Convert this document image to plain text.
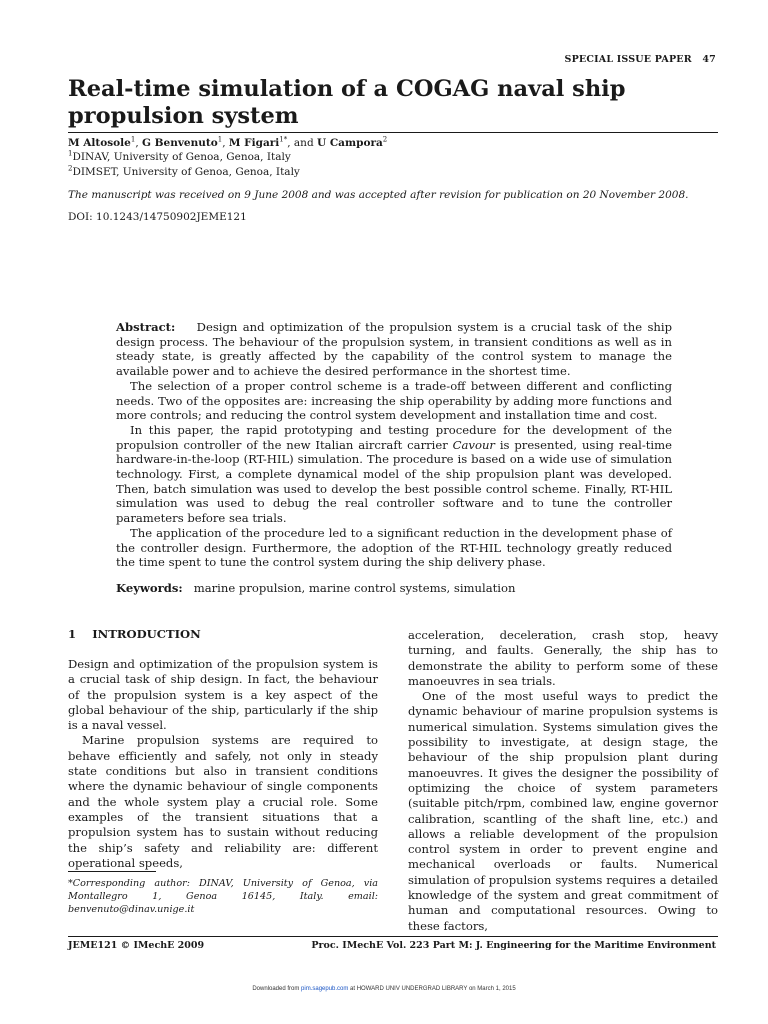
SPECIAL ISSUE PAPER 47
Real-time simulation of a COGAG naval ship propulsion system
M Altosole$^1$, G Benvenuto$^1$, M Figari$^{1*}$, and U Campora$^2$
$^1$DINAV, University of Genoa, Genoa, Italy
$^2$DIMSET, University of Genoa, Genoa, Italy
The manuscript was received on 9 June 2008 and was accepted after revision for publication on 20 November 2008.
DOI: 10.1243/14750902JEME121

Abstract: Design and optimization of the propulsion system is a crucial task of the ship design process. The behaviour of the propulsion system, in transient conditions as well as in steady state, is greatly affected by the capability of the control system to manage the available power and to achieve the desired performance in the shortest time.

The selection of a proper control scheme is a trade-off between different and conflicting needs. Two of the opposites are: increasing the ship operability by adding more functions and more controls; and reducing the control system development and installation time and cost.

In this paper, the rapid prototyping and testing procedure for the development of the propulsion controller of the new Italian aircraft carrier Cavour is presented, using real-time hardware-in-the-loop (RT-HIL) simulation. The procedure is based on a wide use of simulation technology. First, a complete dynamical model of the ship propulsion plant was developed. Then, batch simulation was used to develop the best possible control scheme. Finally, RT-HIL simulation was used to debug the real controller software and to tune the controller parameters before sea trials.

The application of the procedure led to a significant reduction in the development phase of the controller design. Furthermore, the adoption of the RT-HIL technology greatly reduced the time spent to tune the control system during the ship delivery phase.

Keywords: marine propulsion, marine control systems, simulation
1 INTRODUCTION

Design and optimization of the propulsion system is a crucial task of ship design. In fact, the behaviour of the propulsion system is a key aspect of the global behaviour of the ship, particularly if the ship is a naval vessel.

Marine propulsion systems are required to behave efficiently and safely, not only in steady state conditions but also in transient conditions where the dynamic behaviour of single components and the whole system play a crucial role. Some examples of the transient situations that a propulsion system has to sustain without reducing the ship’s safety and reliability are: different operational speeds,

*Corresponding author: DINAV, University of Genoa, via Montallegro 1, Genoa 16145, Italy. email: benvenuto@dinav.unige.it

acceleration, deceleration, crash stop, heavy turning, and faults. Generally, the ship has to demonstrate the ability to perform some of these manoeuvres in sea trials.

One of the most useful ways to predict the dynamic behaviour of marine propulsion systems is numerical simulation. Systems simulation gives the possibility to investigate, at design stage, the behaviour of the ship propulsion plant during manoeuvres. It gives the designer the possibility of optimizing the choice of system parameters (suitable pitch/rpm, combined law, engine governor calibration, scantling of the shaft line, etc.) and allows a reliable development of the propulsion control system in order to prevent engine and mechanical overloads or faults. Numerical simulation of propulsion systems requires a detailed knowledge of the system and great commitment of human and computational resources. Owing to these factors,

JEME121 © IMechE 2009	Proc. IMechE Vol. 223 Part M: J. Engineering for the Maritime Environment
Downloaded from pim.sagepub.com at HOWARD UNIV UNDERGRAD LIBRARY on March 1, 2015
